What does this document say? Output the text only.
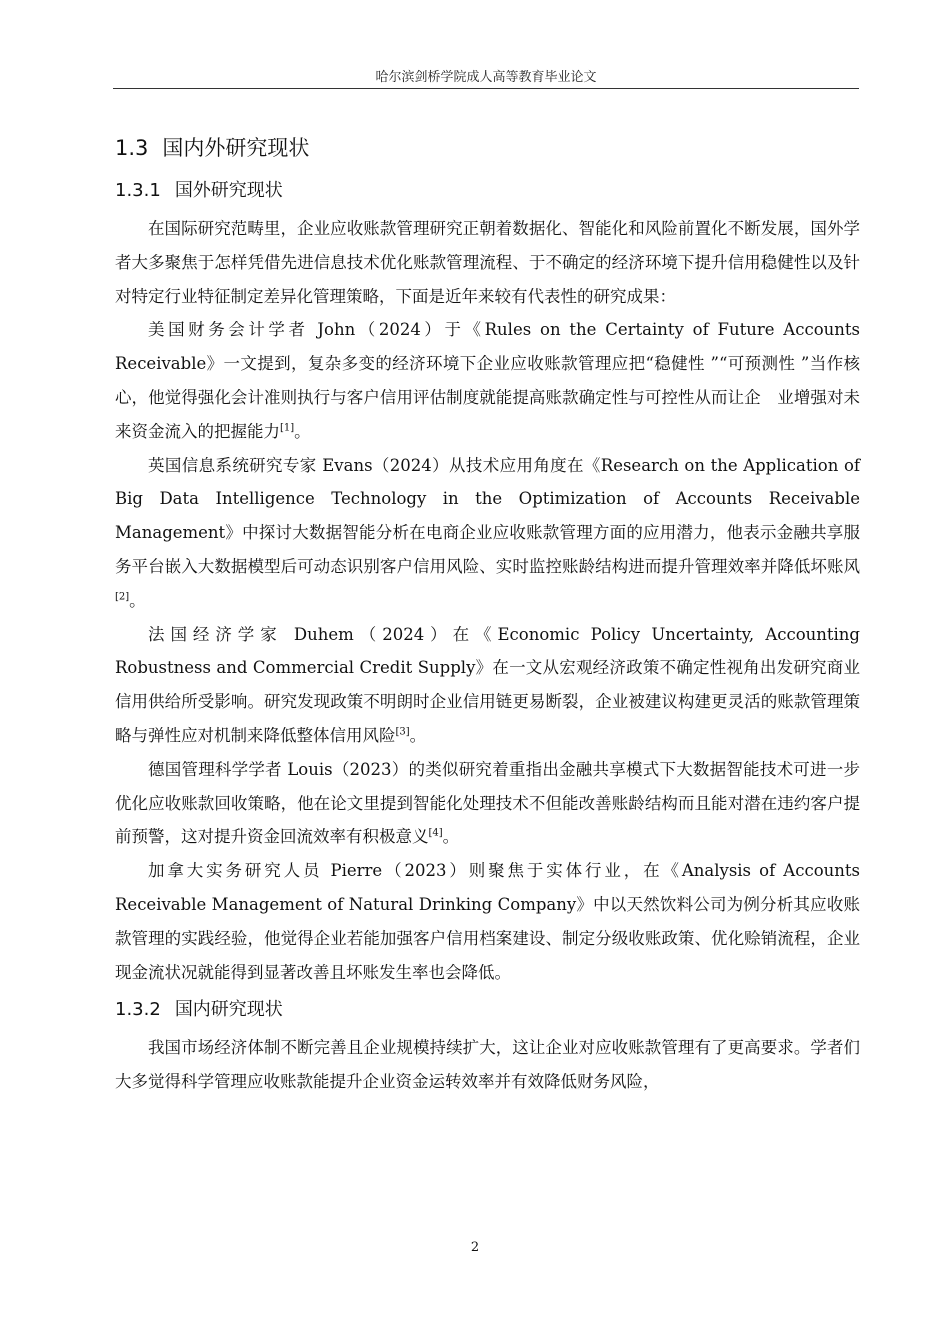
哈尔滨剑桥学院成人高等教育毕业论文
1.3 国内外研究现状
1.3.1 国外研究现状

在国际研究范畴里，企业应收账款管理研究正朝着数据化、智能化和风险前置化不断发展，国外学者大多聚焦于怎样凭借先进信息技术优化账款管理流程、于不确定的经济环境下提升信用稳健性以及针对特定行业特征制定差异化管理策略，下面是近年来较有代表性的研究成果：

美国财务会计学者 John（2024）于《Rules on the Certainty of Future Accounts Receivable》一文提到，复杂多变的经济环境下企业应收账款管理应把“稳健性 ”“可预测性 ”当作核　心，他觉得强化会计准则执行与客户信用评估制度就能提高账款确定性与可控性从而让企　业增强对未来资金流入的把握能力[1]。

英国信息系统研究专家 Evans（2024）从技术应用角度在《Research on the Application of Big Data Intelligence Technology in the Optimization of Accounts Receivable Management》中探讨大数据智能分析在电商企业应收账款管理方面的应用潜力，他表示金融共享服务平台嵌入大数据模型后可动态识别客户信用风险、实时监控账龄结构进而提升管理效率并降低坏账风[2]。

法国经济学家 Duhem（2024）在《Economic Policy Uncertainty, Accounting Robustness and Commercial Credit Supply》在一文从宏观经济政策不确定性视角出发研究商业信用供给所受影响。研究发现政策不明朗时企业信用链更易断裂，企业被建议构建更灵活的账款管理策略与弹性应对机制来降低整体信用风险[3]。

德国管理科学学者 Louis（2023）的类似研究着重指出金融共享模式下大数据智能技术可进一步优化应收账款回收策略，他在论文里提到智能化处理技术不但能改善账龄结构而且能对潜在违约客户提前预警，这对提升资金回流效率有积极意义[4]。

加拿大实务研究人员 Pierre（2023）则聚焦于实体行业，在《Analysis of Accounts Receivable Management of Natural Drinking Company》中以天然饮料公司为例分析其应收账款管理的实践经验，他觉得企业若能加强客户信用档案建设、制定分级收账政策、优化赊销流程，企业现金流状况就能得到显著改善且坏账发生率也会降低。

1.3.2 国内研究现状

我国市场经济体制不断完善且企业规模持续扩大，这让企业对应收账款管理有了更高要求。学者们大多觉得科学管理应收账款能提升企业资金运转效率并有效降低财务风险，

2
